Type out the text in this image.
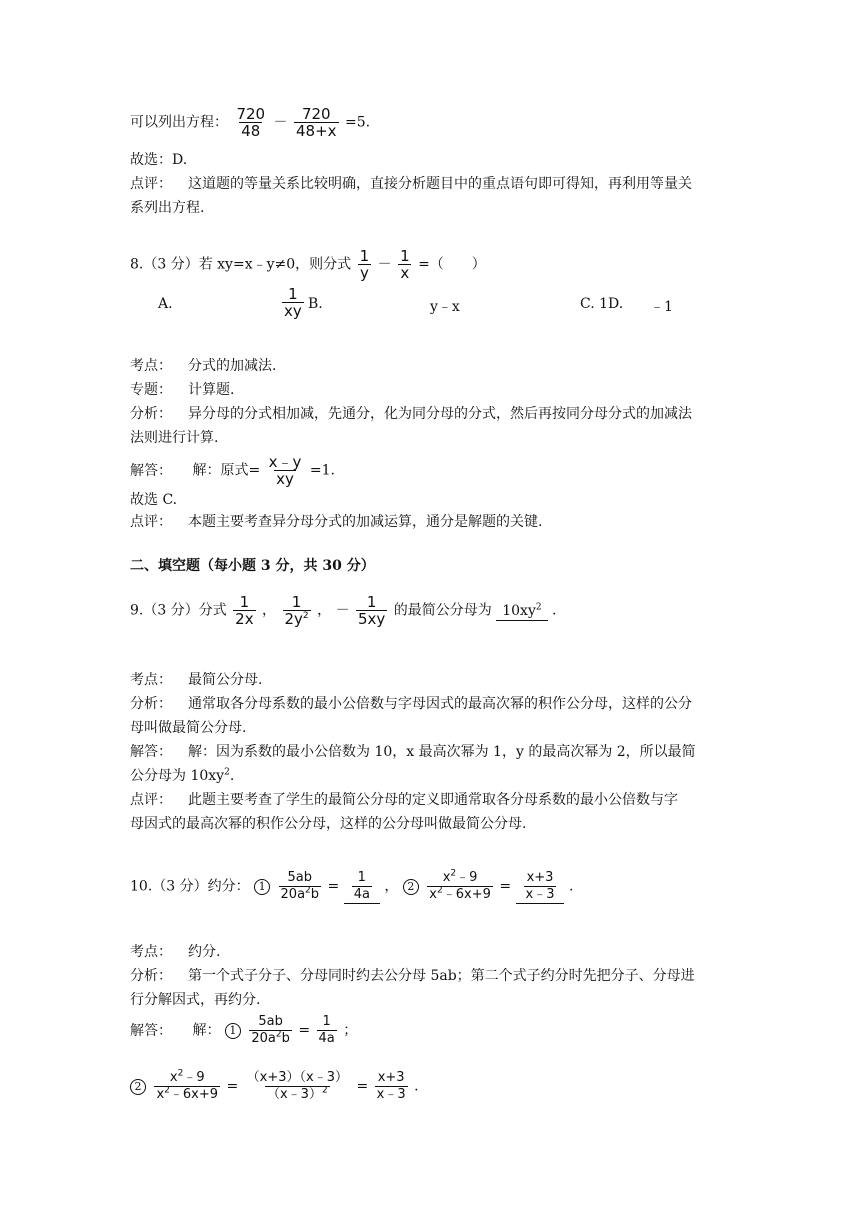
可以列出方程： $\frac{720}{48} - \frac{720}{48+x} =5$.
故选：D.
点评： 这道题的等量关系比较明确，直接分析题目中的重点语句即可得知，再利用等量关
系列出方程.
8.（3 分）若 xy=x﹣y≠0，则分式 $\frac{1}{y} - \frac{1}{x}$ =（　　）
A.	$\frac{1}{xy} B$.	y﹣x	C. 1D. ﹣1
考点： 分式的加减法.
专题： 计算题.
分析： 异分母的分式相加减，先通分，化为同分母的分式，然后再按同分母分式的加减法
法则进行计算.
解答： 解：原式= $\frac{x﹣y}{xy} =1$.
故选 C.
点评： 本题主要考查异分母分式的加减运算，通分是解题的关键.
二、填空题（每小题 3 分，共 30 分）
9.（3 分）分式 $\frac{1}{2x}$ ， $\frac{1}{2y^2}$ ， － $\frac{1}{5xy}$ 的最简公分母为 $10xy^2$ .
考点： 最简公分母.
分析： 通常取各分母系数的最小公倍数与字母因式的最高次幂的积作公分母，这样的公分
母叫做最简公分母.
解答： 解：因为系数的最小公倍数为 10，x 最高次幂为 1，y 的最高次幂为 2，所以最简
公分母为 $10xy^2$.
点评： 此题主要考查了学生的最简公分母的定义即通常取各分母系数的最小公倍数与字
母因式的最高次幂的积作公分母，这样的公分母叫做最简公分母.
10.（3 分）约分： $1 \frac{5ab}{20a^2b} = \frac{1}{4a}$ ， $2 \frac{x^2﹣9}{x^2﹣6x+9} = \frac{x+3}{x﹣3}$ .
考点： 约分.
分析： 第一个式子分子、分母同时约去公分母 5ab；第二个式子约分时先把分子、分母进
行分解因式，再约分.
解答： 解： $1 \frac{5ab}{20a^2b} = \frac{1}{4a}$ ；
$2 \frac{x^2﹣9}{x^2﹣6x+9} = \frac{(x+3)(x﹣3)}{(x﹣3)^2} = \frac{x+3}{x﹣3}$ .
